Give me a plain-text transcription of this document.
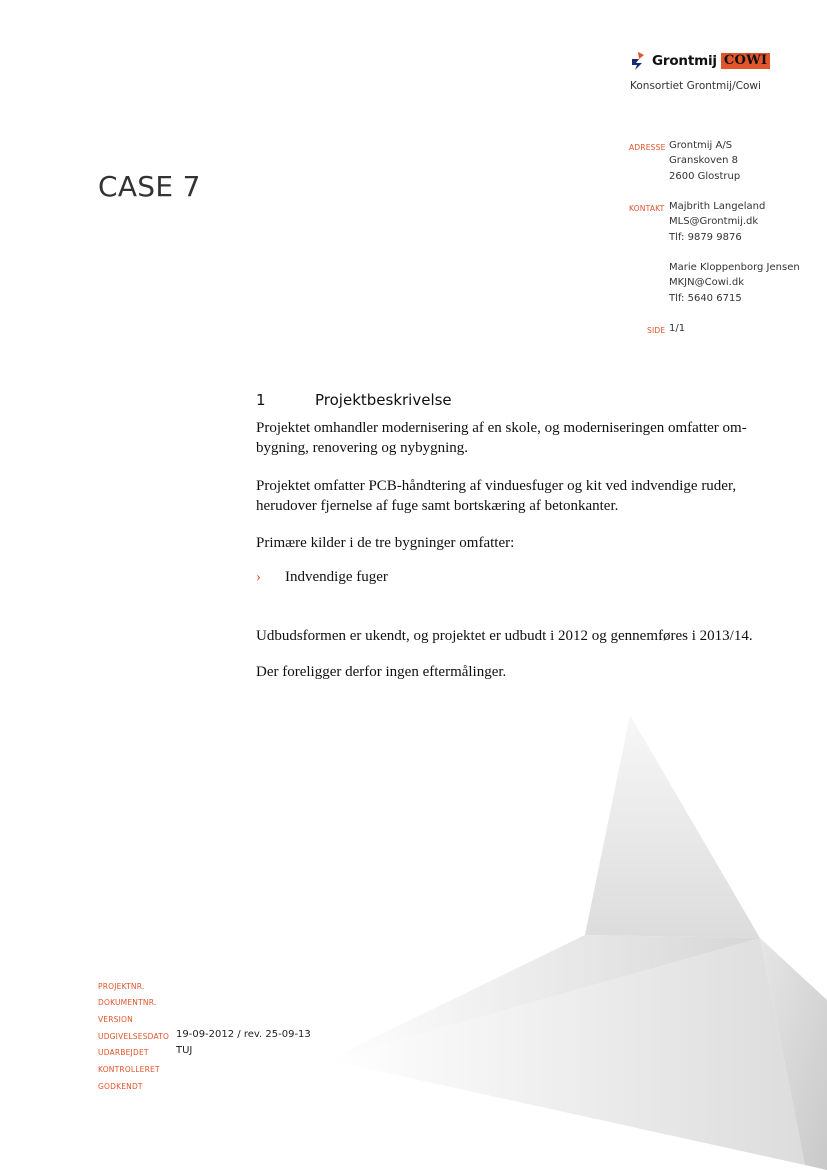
Grontmij COWI
Konsortiet Grontmij/Cowi
CASE 7
ADRESSE Grontmij A/S
Granskoven 8
2600 Glostrup
KONTAKT Majbrith Langeland
MLS@Grontmij.dk
Tlf: 9879 9876
Marie Kloppenborg Jensen
MKJN@Cowi.dk
Tlf: 5640 6715
SIDE 1/1
1	Projektbeskrivelse
Projektet omhandler modernisering af en skole, og moderniseringen omfatter om-
bygning, renovering og nybygning.
Projektet omfatter PCB-håndtering af vinduesfuger og kit ved indvendige ruder,
herudover fjernelse af fuge samt bortskæring af betonkanter.
Primære kilder i de tre bygninger omfatter:
› Indvendige fuger
Udbudsformen er ukendt, og projektet er udbudt i 2012 og gennemføres i 2013/14.
Der foreligger derfor ingen eftermålinger.
PROJEKTNR.
DOKUMENTNR.
VERSION
UDGIVELSESDATO 19-09-2012 / rev. 25-09-13
UDARBEJDET	TUJ
KONTROLLERET
GODKENDT
